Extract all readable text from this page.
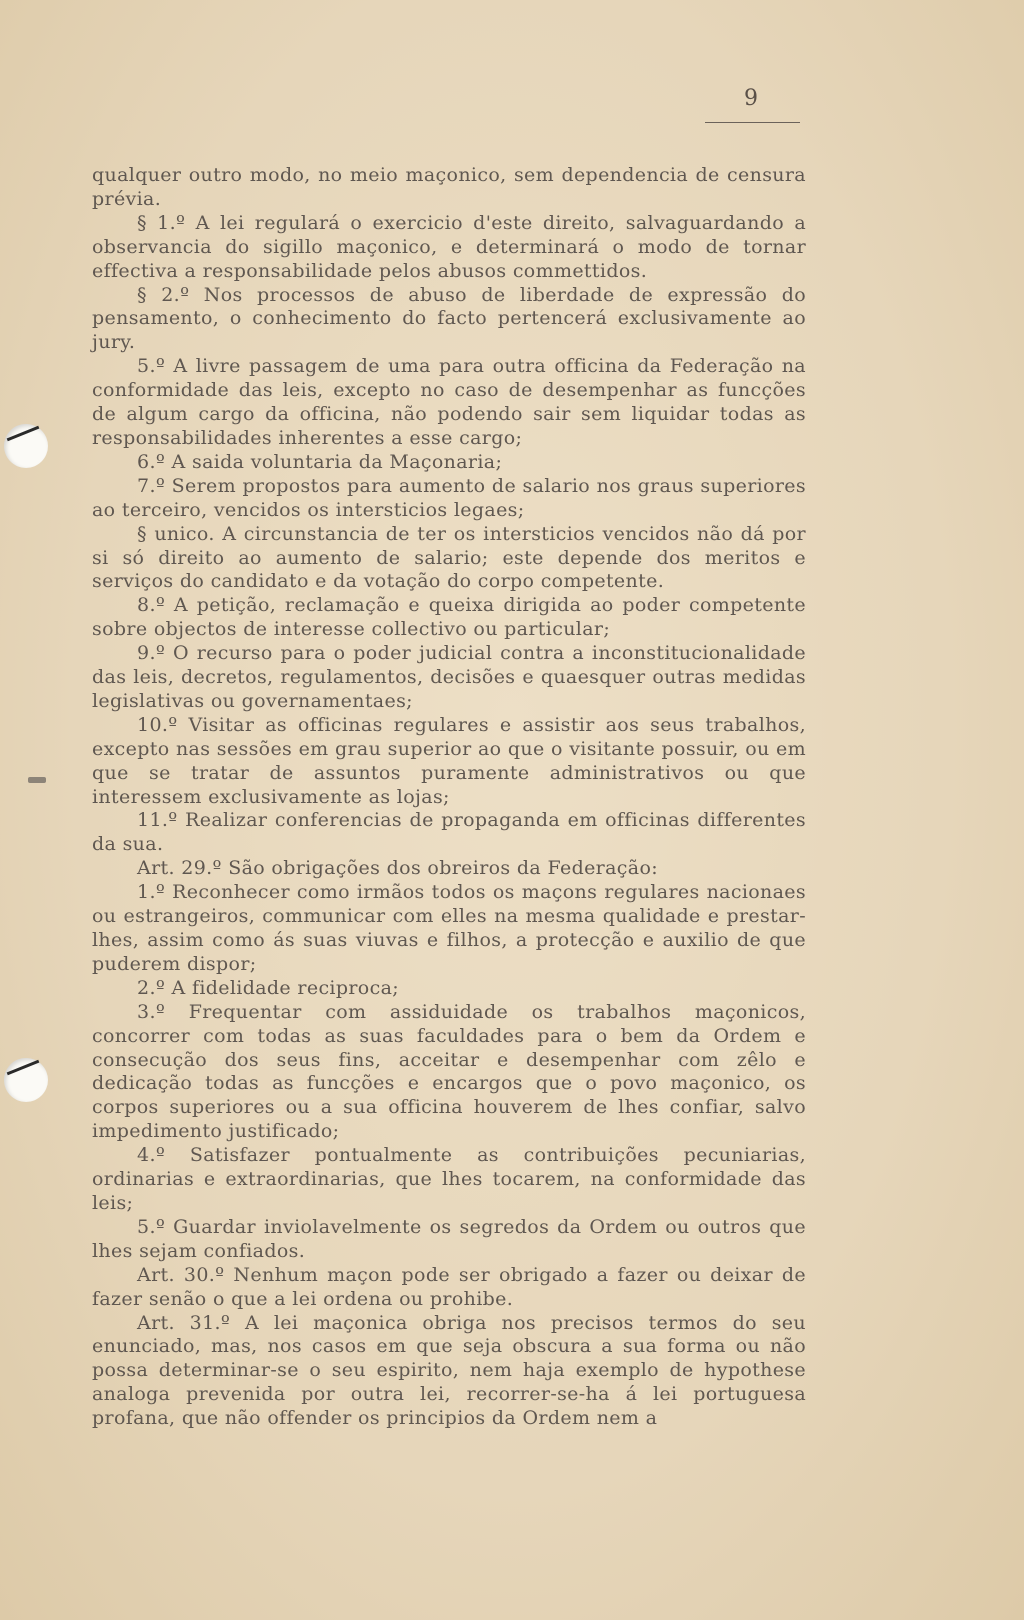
9

qualquer outro modo, no meio maçonico, sem dependencia de censura prévia.

§ 1.º A lei regulará o exercicio d'este direito, salvaguardando a observancia do sigillo maçonico, e determinará o modo de tornar effectiva a responsabilidade pelos abusos commettidos.

§ 2.º Nos processos de abuso de liberdade de expressão do pensamento, o conhecimento do facto pertencerá exclusivamente ao jury.

5.º A livre passagem de uma para outra officina da Federação na conformidade das leis, excepto no caso de desempenhar as funcções de algum cargo da officina, não podendo sair sem liquidar todas as responsabilidades inherentes a esse cargo;

6.º A saida voluntaria da Maçonaria;

7.º Serem propostos para aumento de salario nos graus superiores ao terceiro, vencidos os intersticios legaes;

§ unico. A circunstancia de ter os intersticios vencidos não dá por si só direito ao aumento de salario; este depende dos meritos e serviços do candidato e da votação do corpo competente.

8.º A petição, reclamação e queixa dirigida ao poder competente sobre objectos de interesse collectivo ou particular;

9.º O recurso para o poder judicial contra a inconstitucionalidade das leis, decretos, regulamentos, decisões e quaesquer outras medidas legislativas ou governamentaes;

10.º Visitar as officinas regulares e assistir aos seus trabalhos, excepto nas sessões em grau superior ao que o visitante possuir, ou em que se tratar de assuntos puramente administrativos ou que interessem exclusivamente as lojas;

11.º Realizar conferencias de propaganda em officinas differentes da sua.

Art. 29.º São obrigações dos obreiros da Federação:

1.º Reconhecer como irmãos todos os maçons regulares nacionaes ou estrangeiros, communicar com elles na mesma qualidade e prestar-lhes, assim como ás suas viuvas e filhos, a protecção e auxilio de que puderem dispor;

2.º A fidelidade reciproca;

3.º Frequentar com assiduidade os trabalhos maçonicos, concorrer com todas as suas faculdades para o bem da Ordem e consecução dos seus fins, acceitar e desempenhar com zêlo e dedicação todas as funcções e encargos que o povo maçonico, os corpos superiores ou a sua officina houverem de lhes confiar, salvo impedimento justificado;

4.º Satisfazer pontualmente as contribuições pecuniarias, ordinarias e extraordinarias, que lhes tocarem, na conformidade das leis;

5.º Guardar inviolavelmente os segredos da Ordem ou outros que lhes sejam confiados.

Art. 30.º Nenhum maçon pode ser obrigado a fazer ou deixar de fazer senão o que a lei ordena ou prohibe.

Art. 31.º A lei maçonica obriga nos precisos termos do seu enunciado, mas, nos casos em que seja obscura a sua forma ou não possa determinar-se o seu espirito, nem haja exemplo de hypothese analoga prevenida por outra lei, recorrer-se-ha á lei portuguesa profana, que não offender os principios da Ordem nem a
